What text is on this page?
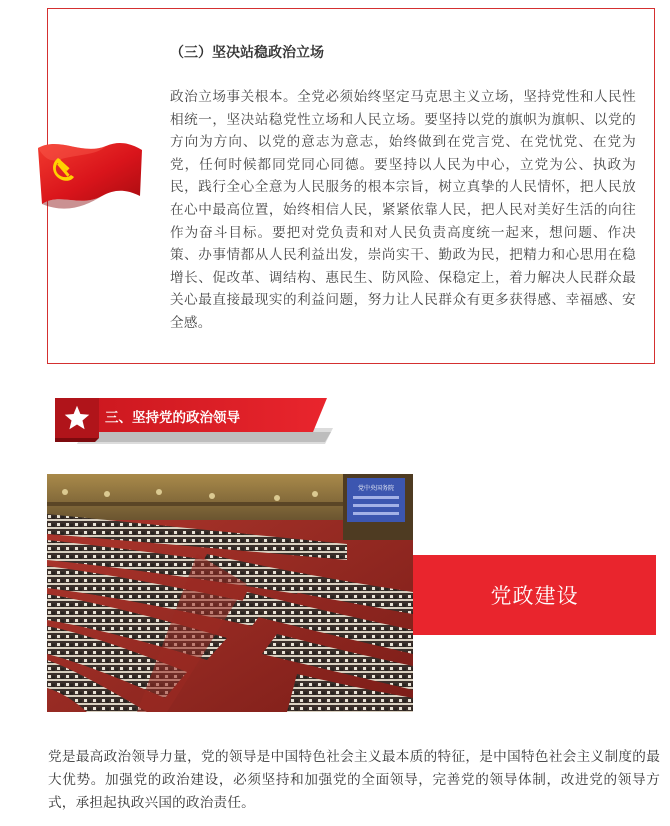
（三）坚决站稳政治立场
政治立场事关根本。全党必须始终坚定马克思主义立场，坚持党性和人民性相统一，坚决站稳党性立场和人民立场。要坚持以党的旗帜为旗帜、以党的方向为方向、以党的意志为意志，始终做到在党言党、在党忧党、在党为党，任何时候都同党同心同德。要坚持以人民为中心，立党为公、执政为民，践行全心全意为人民服务的根本宗旨，树立真挚的人民情怀，把人民放在心中最高位置，始终相信人民，紧紧依靠人民，把人民对美好生活的向往作为奋斗目标。要把对党负责和对人民负责高度统一起来，想问题、作决策、办事情都从人民利益出发，崇尚实干、勤政为民，把精力和心思用在稳增长、促改革、调结构、惠民生、防风险、保稳定上，着力解决人民群众最关心最直接最现实的利益问题，努力让人民群众有更多获得感、幸福感、安全感。
三、坚持党的政治领导
党中央国务院
党政建设
党是最高政治领导力量，党的领导是中国特色社会主义最本质的特征，是中国特色社会主义制度的最大优势。加强党的政治建设，必须坚持和加强党的全面领导，完善党的领导体制，改进党的领导方式，承担起执政兴国的政治责任。
